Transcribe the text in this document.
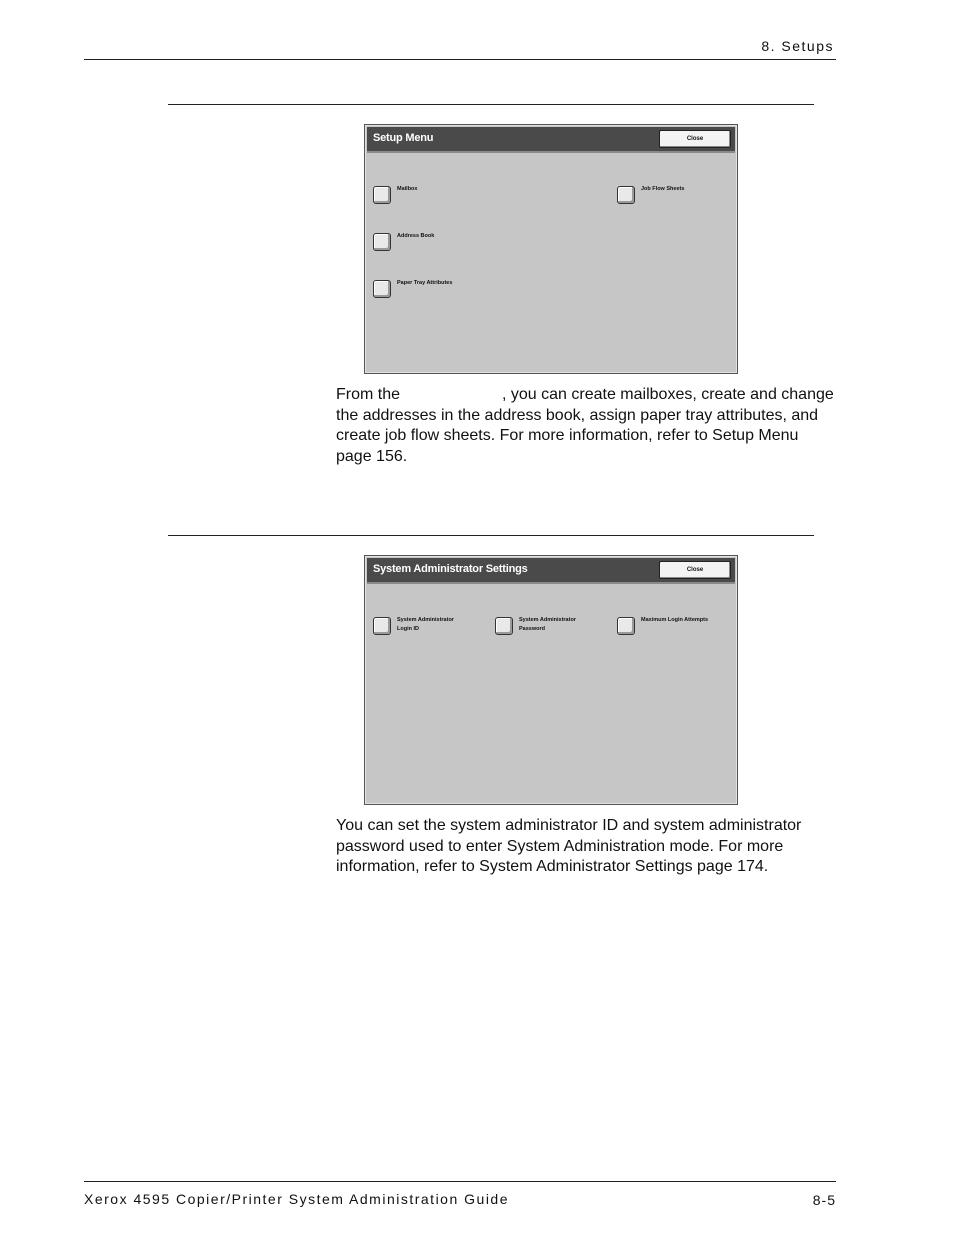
8. Setups
Setup Menu	Close
Mailbox
Address Book
Paper Tray Attributes
Job Flow Sheets
From the	, you can create mailboxes, create and change the addresses in the address book, assign paper tray attributes, and create job flow sheets. For more information, refer to Setup Menu page 156.
System Administrator Settings	Close
System Administrator
Login ID
System Administrator
Password
Maximum Login Attempts
You can set the system administrator ID and system administrator password used to enter System Administration mode. For more information, refer to System Administrator Settings page 174.
Xerox 4595 Copier/Printer System Administration Guide	8-5
